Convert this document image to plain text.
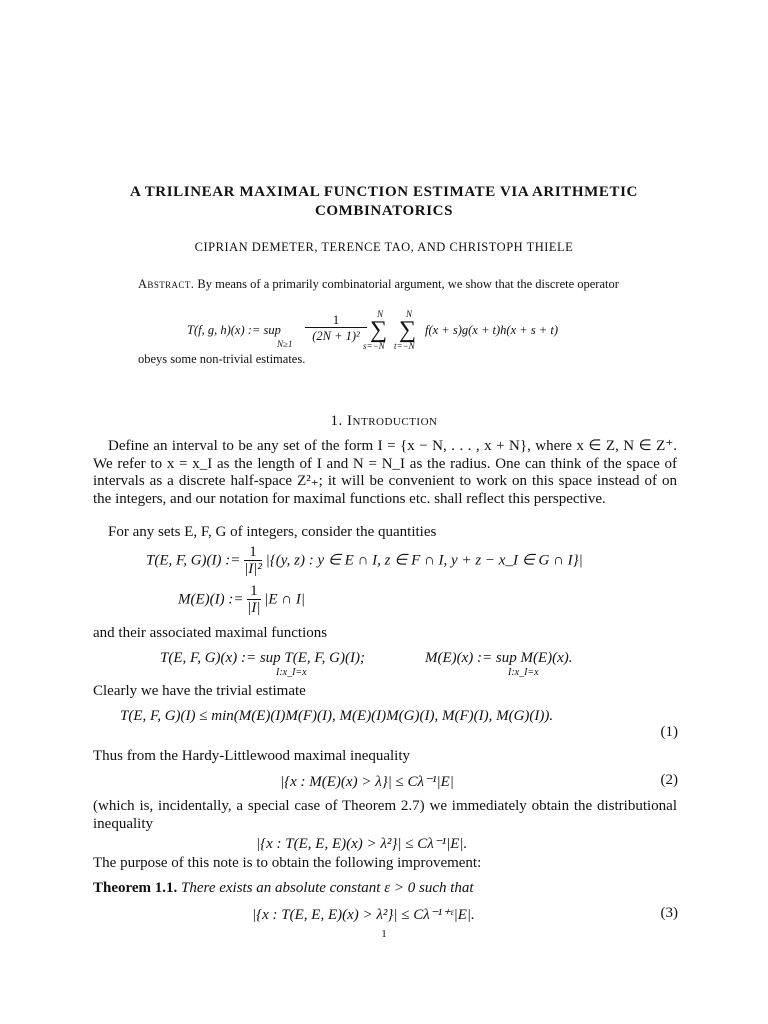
A TRILINEAR MAXIMAL FUNCTION ESTIMATE VIA ARITHMETIC
COMBINATORICS
CIPRIAN DEMETER, TERENCE TAO, AND CHRISTOPH THIELE
Abstract. By means of a primarily combinatorial argument, we show that the discrete operator
T(f, g, h)(x) := sup
N≥1
1
(2N + 1)²
N
∑
s=−N
N
∑
t=−N
f(x + s)g(x + t)h(x + s + t)
obeys some non-trivial estimates.
1. Introduction
Define an interval to be any set of the form I = {x − N, . . . , x + N}, where x ∈ Z, N ∈ Z⁺. We refer to x = x_I as the length of I and N = N_I as the radius. One can think of the space of intervals as a discrete half-space Z²₊; it will be convenient to work on this space instead of on the integers, and our notation for maximal functions etc. shall reflect this perspective.
For any sets E, F, G of integers, consider the quantities
T(E, F, G)(I) := $\frac{1}{\text{|I|²}} |\{(y$, z) : y ∈ E ∩ I, z ∈ F ∩ I, y + z − x_I ∈ G ∩ I}|
M(E)(I) := $\frac{1}{|I|} |E$ ∩ I|
and their associated maximal functions
T(E, F, G)(x) := sup T(E, F, G)(I);	M(E)(x) := sup M(E)(x).
I:x_I=x	I:x_I=x
Clearly we have the trivial estimate
T(E, F, G)(I) ≤ min(M(E)(I)M(F)(I), M(E)(I)M(G)(I), M(F)(I), M(G)(I)).
(1)
Thus from the Hardy-Littlewood maximal inequality
|{x : M(E)(x) > λ}| ≤ Cλ⁻¹|E|	(2)
(which is, incidentally, a special case of Theorem 2.7) we immediately obtain the distributional inequality
|{x : T(E, E, E)(x) > λ²}| ≤ Cλ⁻¹|E|.
The purpose of this note is to obtain the following improvement:
Theorem 1.1. There exists an absolute constant ε > 0 such that
|{x : T(E, E, E)(x) > λ²}| ≤ Cλ⁻¹⁺ᵋ|E|.	(3)
1
